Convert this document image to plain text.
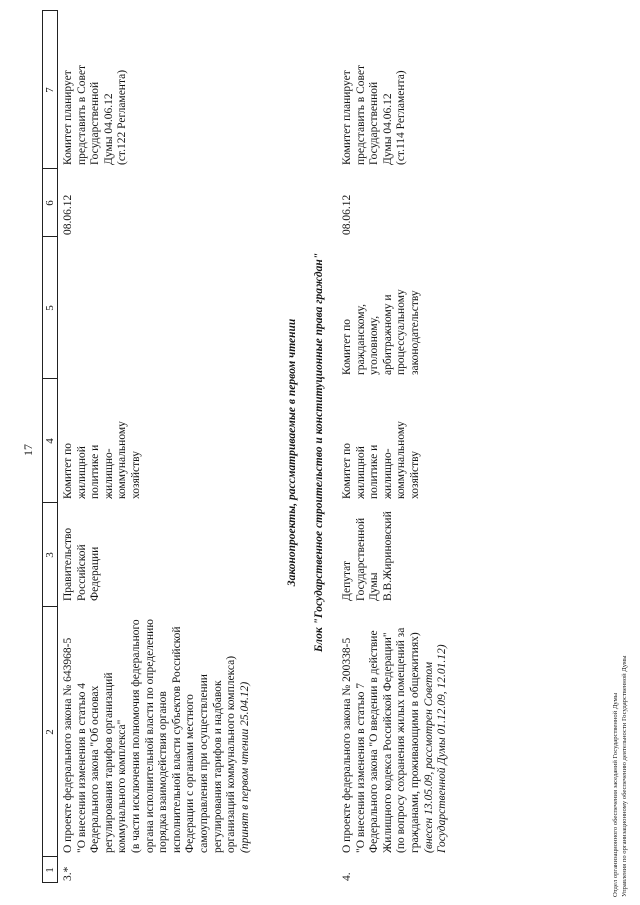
17
1
2
3
4
5
6
7
3.*
О проекте федерального закона № 643968-5
"О внесении изменения в статью 4
Федерального закона "Об основах
регулирования тарифов организаций
коммунального комплекса"
(в части исключения полномочия федерального
органа исполнительной власти по определению
порядка взаимодействия органов
исполнительной власти субъектов Российской
Федерации с органами местного
самоуправления при осуществлении
регулирования тарифов и надбавок
организаций коммунального комплекса) (принят в первом чтении 25.04.12)
Правительство
Российской
Федерации
Комитет по
жилищной
политике и
жилищно-
коммунальному
хозяйству
08.06.12
Комитет планирует
представить в Совет
Государственной
Думы 04.06.12
(ст.122 Регламента)
Законопроекты, рассматриваемые в первом чтении Блок "Государственное строительство и конституционные права граждан"
4.
О проекте федерального закона № 200338-5
"О внесении изменения в статью 7
Федерального закона "О введении в действие
Жилищного кодекса Российской Федерации"
(по вопросу сохранения жилых помещений за
гражданами, проживающими в общежитиях)
(внесен 13.05.09, рассмотрен Советом
Государственной Думы 01.12.09, 12.01.12)
Депутат
Государственной
Думы
В.В.Жириновский
Комитет по
жилищной
политике и
жилищно-
коммунальному
хозяйству
Комитет по
гражданскому,
уголовному,
арбитражному и
процессуальному
законодательству
08.06.12
Комитет планирует
представить в Совет
Государственной
Думы 04.06.12
(ст.114 Регламента)
Отдел организационного обеспечения заседаний Государственной Думы Управления по организационному обеспечению деятельности Государственной Думы
